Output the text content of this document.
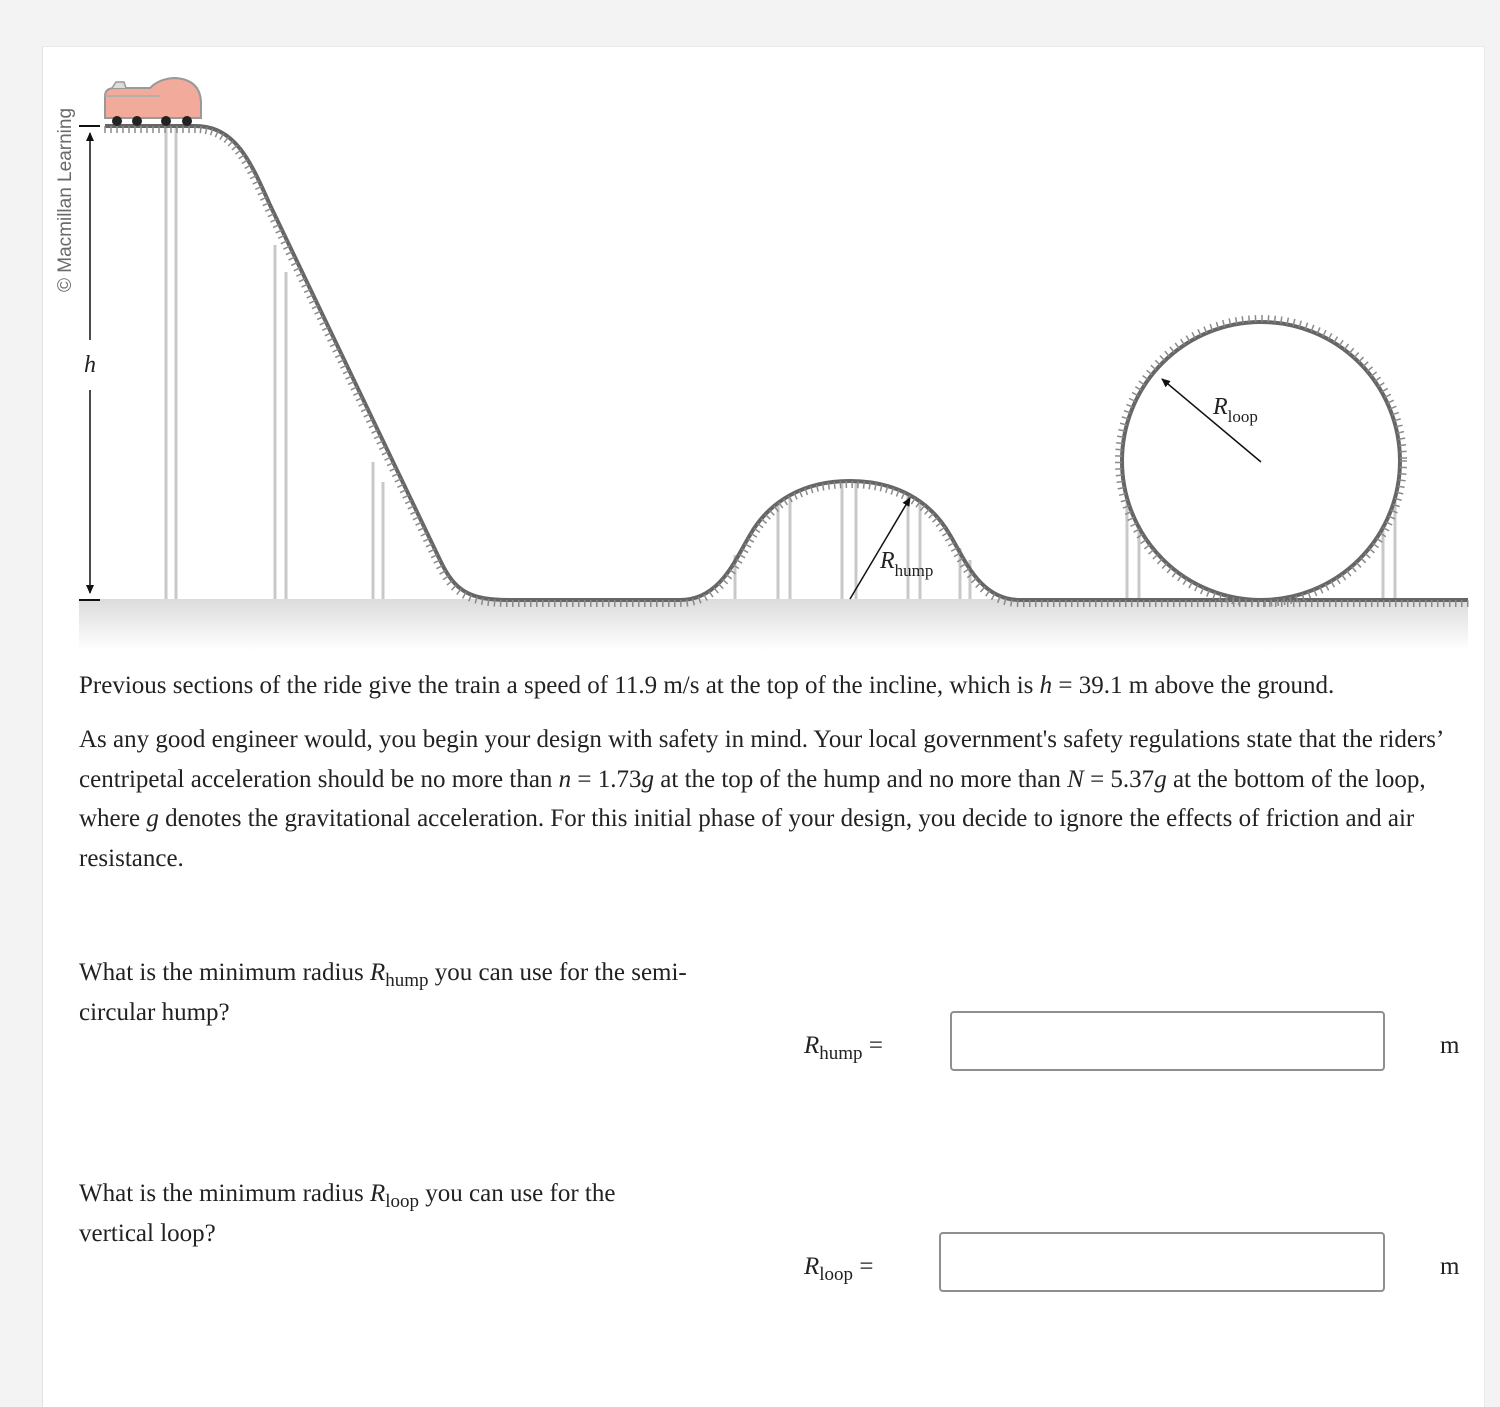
h
$R_{hump}$
$R_{loop}$
© Macmillan Learning

Previous sections of the ride give the train a speed of 11.9 m/s at the top of the incline, which is h = 39.1 m above the ground.

As any good engineer would, you begin your design with safety in mind. Your local government's safety regulations state that the riders’ centripetal acceleration should be no more than n = 1.73g at the top of the hump and no more than N = 5.37g at the bottom of the loop, where g denotes the gravitational acceleration. For this initial phase of your design, you decide to ignore the effects of friction and air resistance.

What is the minimum radius $R_{hump}$ you can use for the semi-circular hump?

$R_{hump}$ =	m

What is the minimum radius $R_{loop}$ you can use for the vertical loop?

$R_{loop}$ =	m
